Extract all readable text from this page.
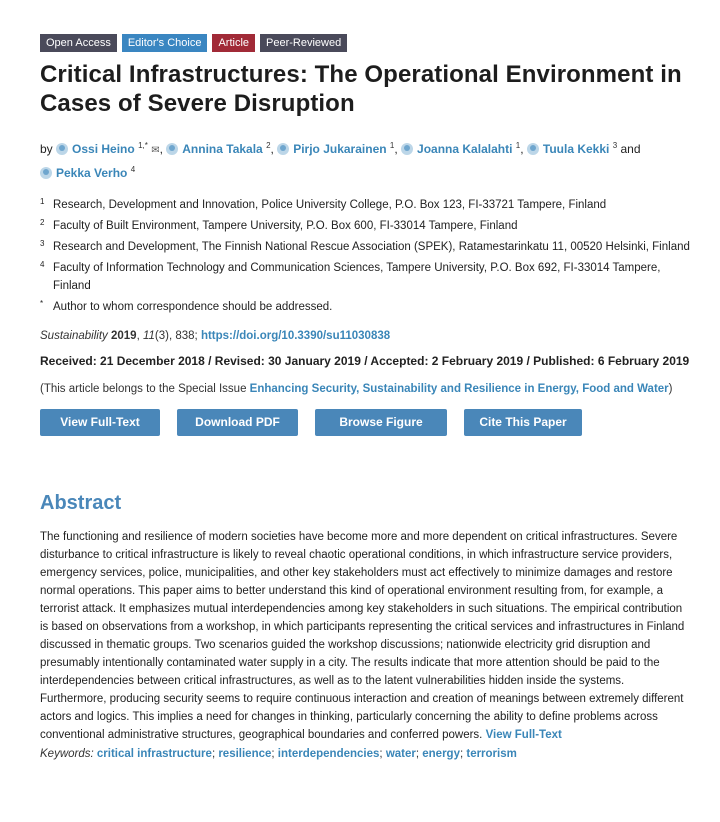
Open Access	Editor's Choice	Article	Peer-Reviewed
Critical Infrastructures: The Operational Environment in Cases of Severe Disruption
by Ossi Heino $^{1,*}$ ✉, Annina Takala $^2$, Pirjo Jukarainen $^1$, Joanna Kalalahti $^1$, Tuula Kekki $^3$ and Pekka Verho $^4$
1 Research, Development and Innovation, Police University College, P.O. Box 123, FI-33721 Tampere, Finland
2 Faculty of Built Environment, Tampere University, P.O. Box 600, FI-33014 Tampere, Finland
3 Research and Development, The Finnish National Rescue Association (SPEK), Ratamestarinkatu 11, 00520 Helsinki, Finland
4 Faculty of Information Technology and Communication Sciences, Tampere University, P.O. Box 692, FI-33014 Tampere, Finland
* Author to whom correspondence should be addressed.
Sustainability 2019, 11(3), 838; https://doi.org/10.3390/su11030838
Received: 21 December 2018 / Revised: 30 January 2019 / Accepted: 2 February 2019 / Published: 6 February 2019
(This article belongs to the Special Issue Enhancing Security, Sustainability and Resilience in Energy, Food and Water)
View Full-Text	Download PDF	Browse Figure	Cite This Paper
Abstract
The functioning and resilience of modern societies have become more and more dependent on critical infrastructures. Severe disturbance to critical infrastructure is likely to reveal chaotic operational conditions, in which infrastructure service providers, emergency services, police, municipalities, and other key stakeholders must act effectively to minimize damages and restore normal operations. This paper aims to better understand this kind of operational environment resulting from, for example, a terrorist attack. It emphasizes mutual interdependencies among key stakeholders in such situations. The empirical contribution is based on observations from a workshop, in which participants representing the critical services and infrastructures in Finland discussed in thematic groups. Two scenarios guided the workshop discussions; nationwide electricity grid disruption and presumably intentionally contaminated water supply in a city. The results indicate that more attention should be paid to the interdependencies between critical infrastructures, as well as to the latent vulnerabilities hidden inside the systems. Furthermore, producing security seems to require continuous interaction and creation of meanings between extremely different actors and logics. This implies a need for changes in thinking, particularly concerning the ability to define problems across conventional administrative structures, geographical boundaries and conferred powers. View Full-Text
Keywords: critical infrastructure; resilience; interdependencies; water; energy; terrorism
